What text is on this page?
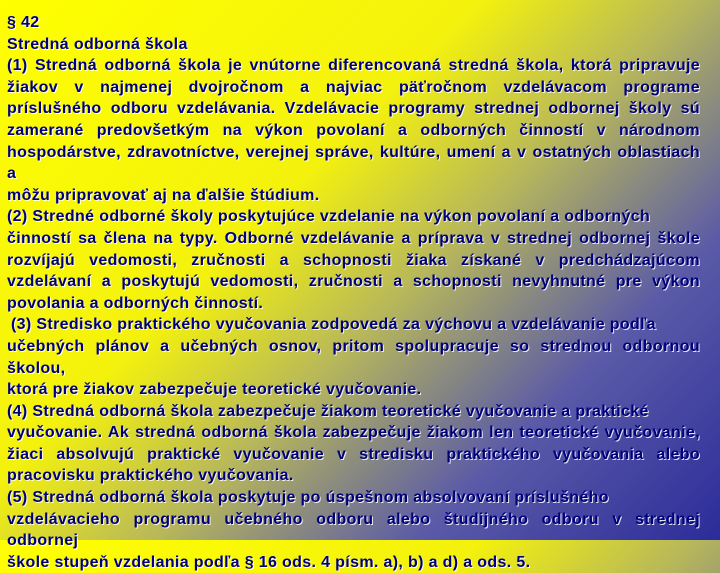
§ 42
Stredná odborná škola
(1) Stredná odborná škola je vnútorne diferencovaná stredná škola, ktorá pripravuje
žiakov v najmenej dvojročnom a najviac päťročnom vzdelávacom programe
príslušného odboru vzdelávania. Vzdelávacie programy strednej odbornej školy sú
zamerané predovšetkým na výkon povolaní a odborných činností v národnom
hospodárstve, zdravotníctve, verejnej správe, kultúre, umení a v ostatných oblastiach a
môžu pripravovať aj na ďalšie štúdium.
(2) Stredné odborné školy poskytujúce vzdelanie na výkon povolaní a odborných
činností sa člena na typy. Odborné vzdelávanie a príprava v strednej odbornej škole
rozvíjajú vedomosti, zručnosti a schopnosti žiaka získané v predchádzajúcom
vzdelávaní a poskytujú vedomosti, zručnosti a schopnosti nevyhnutné pre výkon
povolania a odborných činností.
(3) Stredisko praktického vyučovania zodpovedá za výchovu a vzdelávanie podľa
učebných plánov a učebných osnov, pritom spolupracuje so strednou odbornou školou,
ktorá pre žiakov zabezpečuje teoretické vyučovanie.
(4) Stredná odborná škola zabezpečuje žiakom teoretické vyučovanie a praktické
vyučovanie. Ak stredná odborná škola zabezpečuje žiakom len teoretické vyučovanie,
žiaci absolvujú praktické vyučovanie v stredisku praktického vyučovania alebo
pracovisku praktického vyučovania.
(5) Stredná odborná škola poskytuje po úspešnom absolvovaní príslušného
vzdelávacieho programu učebného odboru alebo študijného odboru v strednej odbornej
škole stupeň vzdelania podľa § 16 ods. 4 písm. a), b) a d) a ods. 5.
